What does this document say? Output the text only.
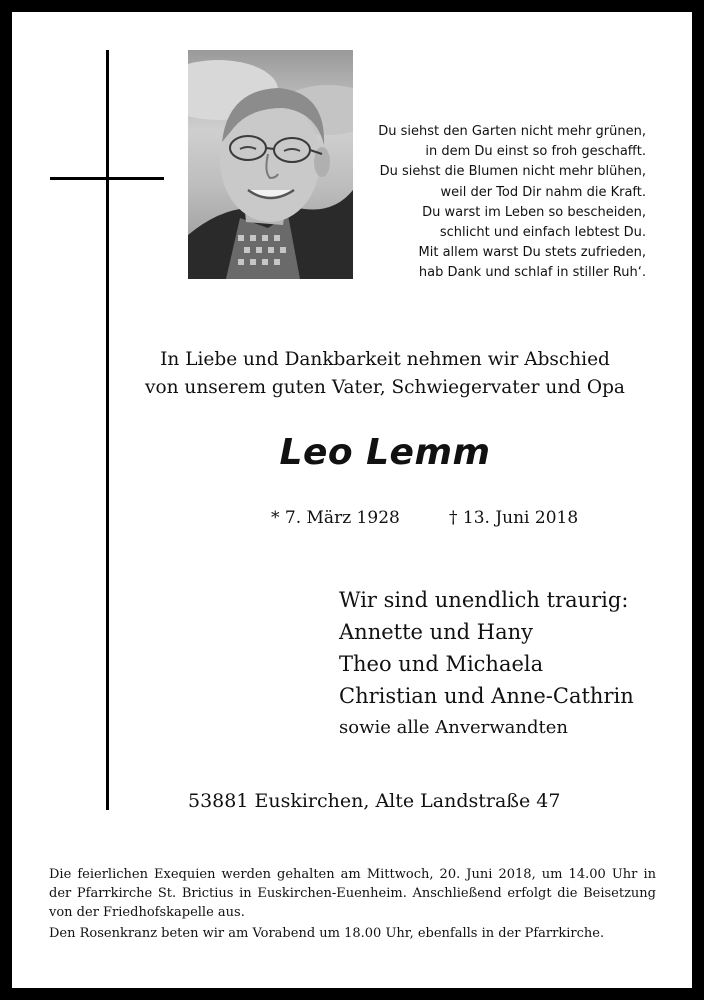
Du siehst den Garten nicht mehr grünen,
in dem Du einst so froh geschafft.
Du siehst die Blumen nicht mehr blühen,
weil der Tod Dir nahm die Kraft.
Du warst im Leben so bescheiden,
schlicht und einfach lebtest Du.
Mit allem warst Du stets zufrieden,
hab Dank und schlaf in stiller Ruh‘.
In Liebe und Dankbarkeit nehmen wir Abschied
von unserem guten Vater, Schwiegervater und Opa
Leo Lemm
* 7. März 1928	† 13. Juni 2018
Wir sind unendlich traurig:
Annette und Hany
Theo und Michaela
Christian und Anne-Cathrin
sowie alle Anverwandten
53881 Euskirchen, Alte Landstraße 47

Die feierlichen Exequien werden gehalten am Mittwoch, 20. Juni 2018, um 14.00 Uhr in der Pfarrkirche St. Brictius in Euskirchen-Euenheim. Anschließend erfolgt die Beisetzung von der Friedhofskapelle aus.

Den Rosenkranz beten wir am Vorabend um 18.00 Uhr, ebenfalls in der Pfarrkirche.
